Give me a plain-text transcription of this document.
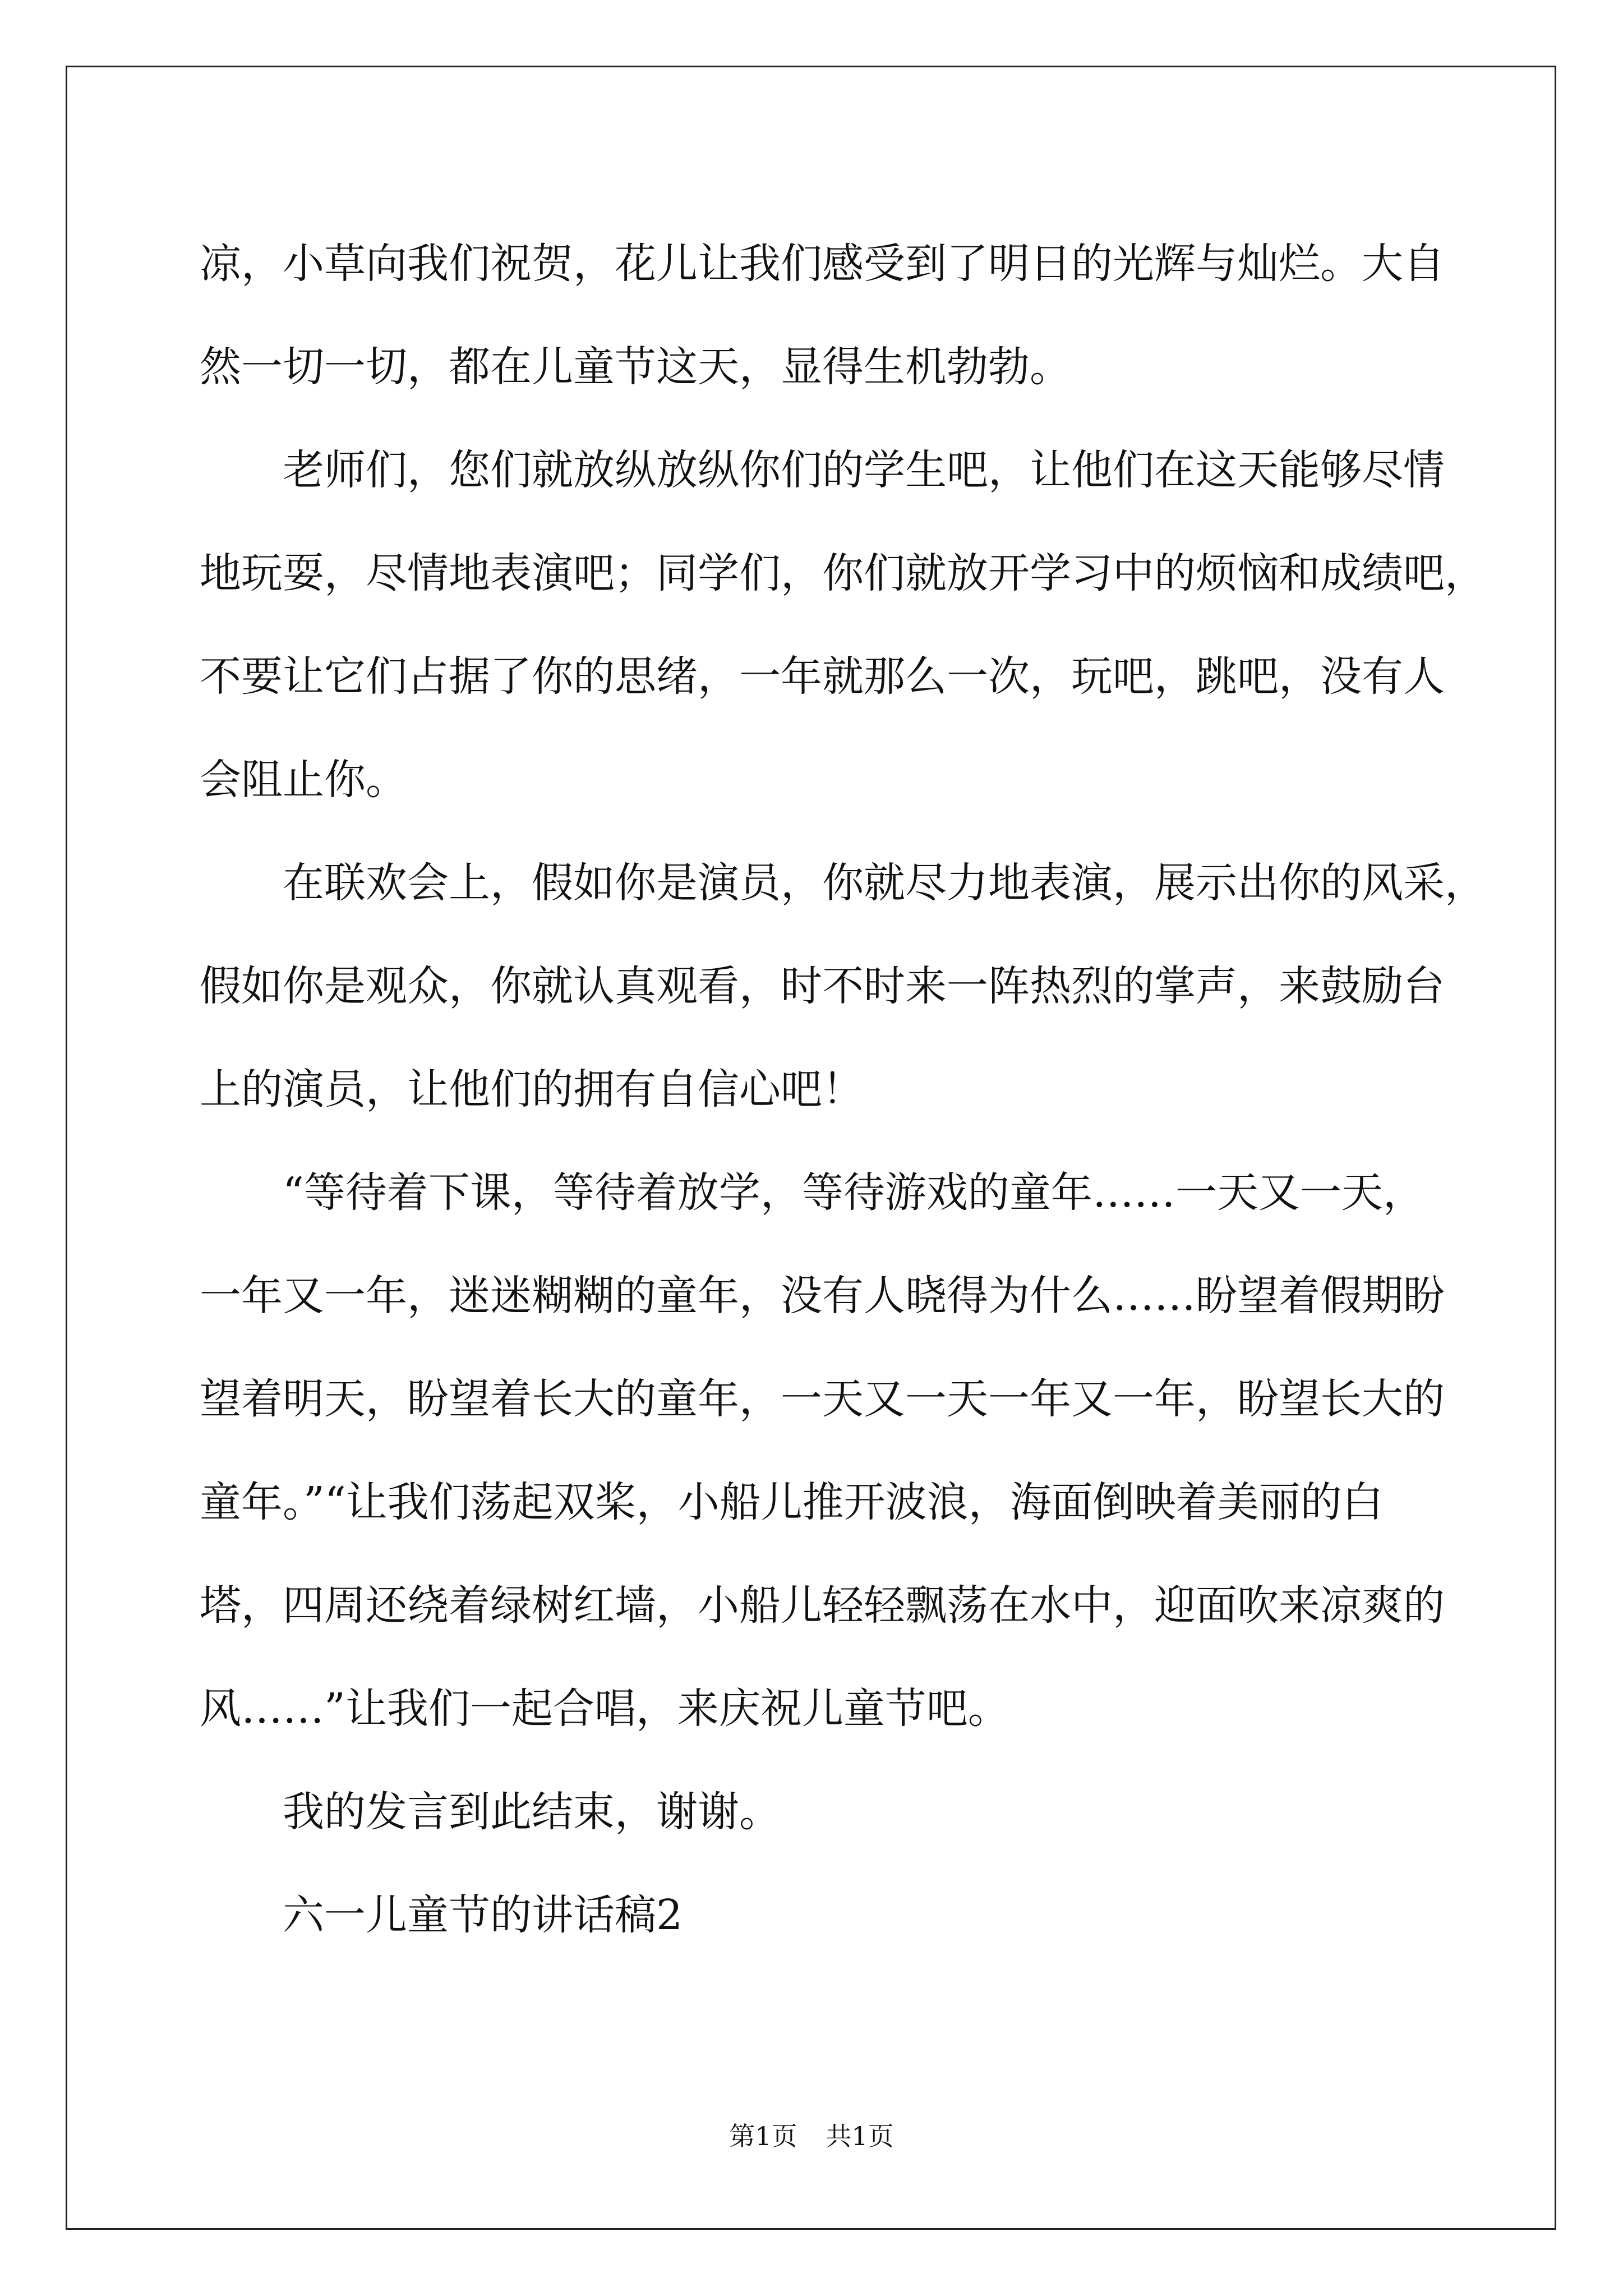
凉，小草向我们祝贺，花儿让我们感受到了明日的光辉与灿烂。大自
然一切一切，都在儿童节这天，显得生机勃勃。
老师们，您们就放纵放纵你们的学生吧，让他们在这天能够尽情
地玩耍，尽情地表演吧；同学们，你们就放开学习中的烦恼和成绩吧，
不要让它们占据了你的思绪，一年就那么一次，玩吧，跳吧，没有人
会阻止你。
在联欢会上，假如你是演员，你就尽力地表演，展示出你的风采，
假如你是观众，你就认真观看，时不时来一阵热烈的掌声，来鼓励台
上的演员，让他们的拥有自信心吧！
“等待着下课，等待着放学，等待游戏的童年……一天又一天，
一年又一年，迷迷糊糊的童年，没有人晓得为什么……盼望着假期盼
望着明天，盼望着长大的童年，一天又一天一年又一年，盼望长大的
童年。”“让我们荡起双桨，小船儿推开波浪，海面倒映着美丽的白
塔，四周还绕着绿树红墙，小船儿轻轻飘荡在水中，迎面吹来凉爽的
风……”让我们一起合唱，来庆祝儿童节吧。
我的发言到此结束，谢谢。
六一儿童节的讲话稿2
第1页 共1页
